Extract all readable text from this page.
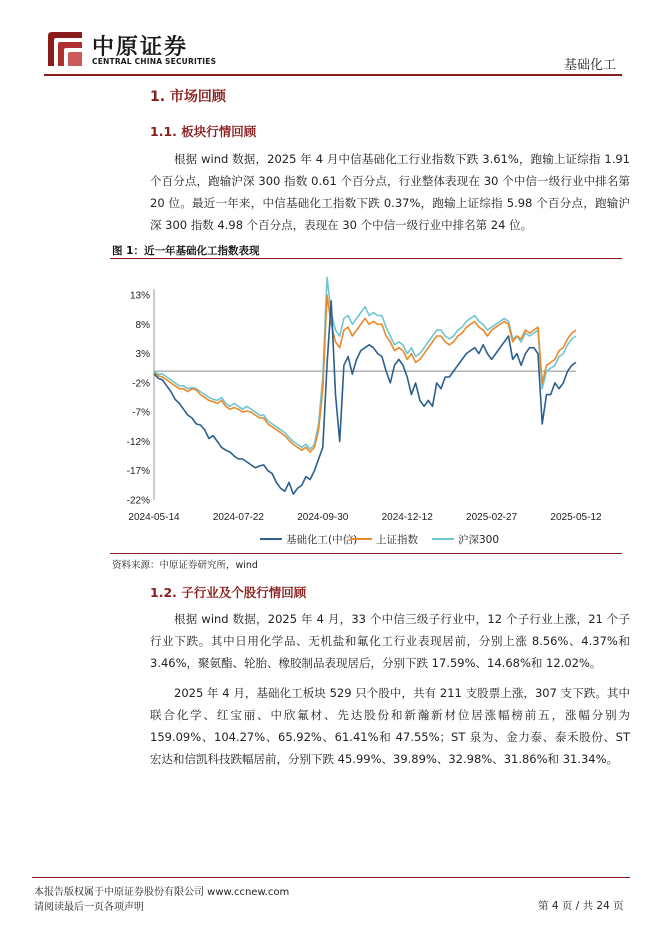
中原证券
CENTRAL CHINA SECURITIES	基础化工
1. 市场回顾
1.1. 板块行情回顾
根据 wind 数据，2025 年 4 月中信基础化工行业指数下跌 3.61%，跑输上证综指 1.91 个百分点，跑输沪深 300 指数 0.61 个百分点，行业整体表现在 30 个中信一级行业中排名第 20 位。最近一年来，中信基础化工指数下跌 0.37%，跑输上证综指 5.98 个百分点，跑输沪深 300 指数 4.98 个百分点，表现在 30 个中信一级行业中排名第 24 位。
图 1：近一年基础化工指数表现
13%
8%
3%
-2%
-7%
-12%
-17%
-22%
2024-05-14	2024-07-22	2024-09-30	2024-12-12	2025-02-27	2025-05-12
基础化工(中信) 上证指数	沪深300
资料来源：中原证券研究所，wind
1.2. 子行业及个股行情回顾
根据 wind 数据，2025 年 4 月，33 个中信三级子行业中，12 个子行业上涨，21 个子行业下跌。其中日用化学品、无机盐和氟化工行业表现居前，分别上涨 8.56%、4.37%和 3.46%，聚氨酯、轮胎、橡胶制品表现居后，分别下跌 17.59%、14.68%和 12.02%。
2025 年 4 月，基础化工板块 529 只个股中，共有 211 支股票上涨，307 支下跌。其中联合化学、红宝丽、中欣氟材、先达股份和新瀚新材位居涨幅榜前五，涨幅分别为 159.09%、104.27%、65.92%、61.41%和 47.55%；ST 泉为、金力泰、泰禾股份、ST 宏达和信凯科技跌幅居前，分别下跌 45.99%、39.89%、32.98%、31.86%和 31.34%。
本报告版权属于中原证券股份有限公司 www.ccnew.com
请阅读最后一页各项声明	第 4 页 / 共 24 页
